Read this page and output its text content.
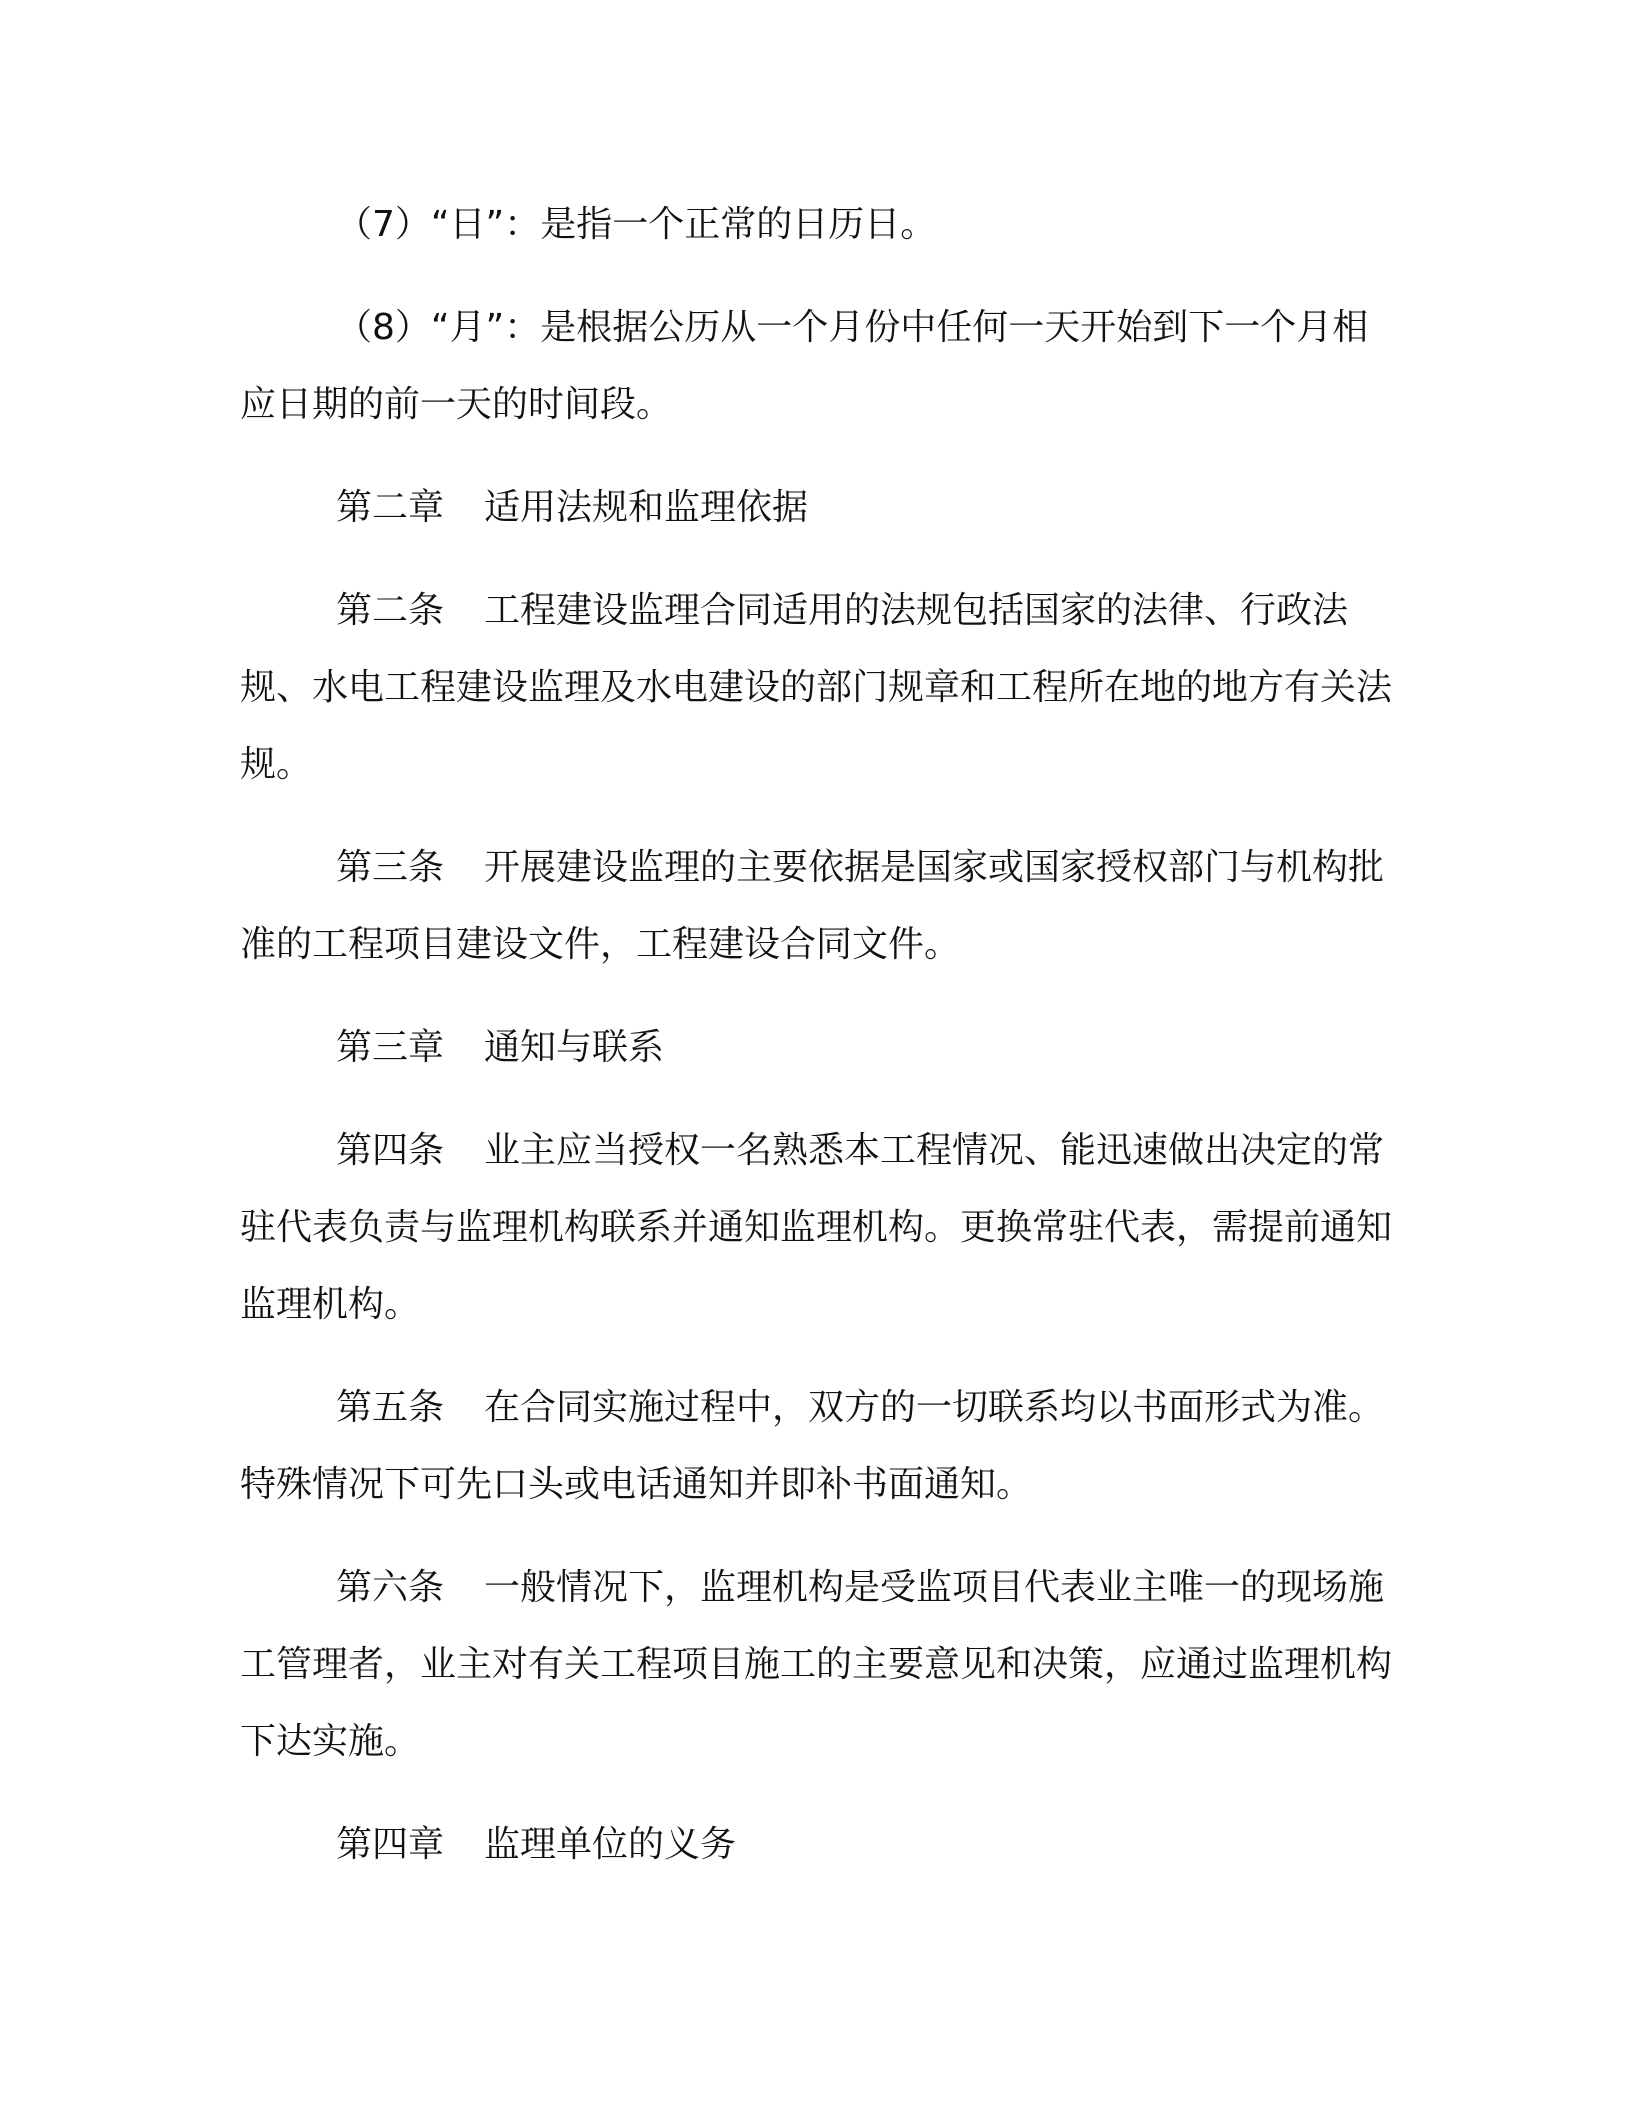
（7）“日”：是指一个正常的日历日。

（8）“月”：是根据公历从一个月份中任何一天开始到下一个月相应日期的前一天的时间段。

第二章 适用法规和监理依据

第二条 工程建设监理合同适用的法规包括国家的法律、行政法规、水电工程建设监理及水电建设的部门规章和工程所在地的地方有关法规。

第三条 开展建设监理的主要依据是国家或国家授权部门与机构批准的工程项目建设文件，工程建设合同文件。

第三章 通知与联系

第四条 业主应当授权一名熟悉本工程情况、能迅速做出决定的常驻代表负责与监理机构联系并通知监理机构。更换常驻代表，需提前通知监理机构。

第五条 在合同实施过程中，双方的一切联系均以书面形式为准。特殊情况下可先口头或电话通知并即补书面通知。

第六条 一般情况下，监理机构是受监项目代表业主唯一的现场施工管理者，业主对有关工程项目施工的主要意见和决策，应通过监理机构下达实施。

第四章 监理单位的义务
